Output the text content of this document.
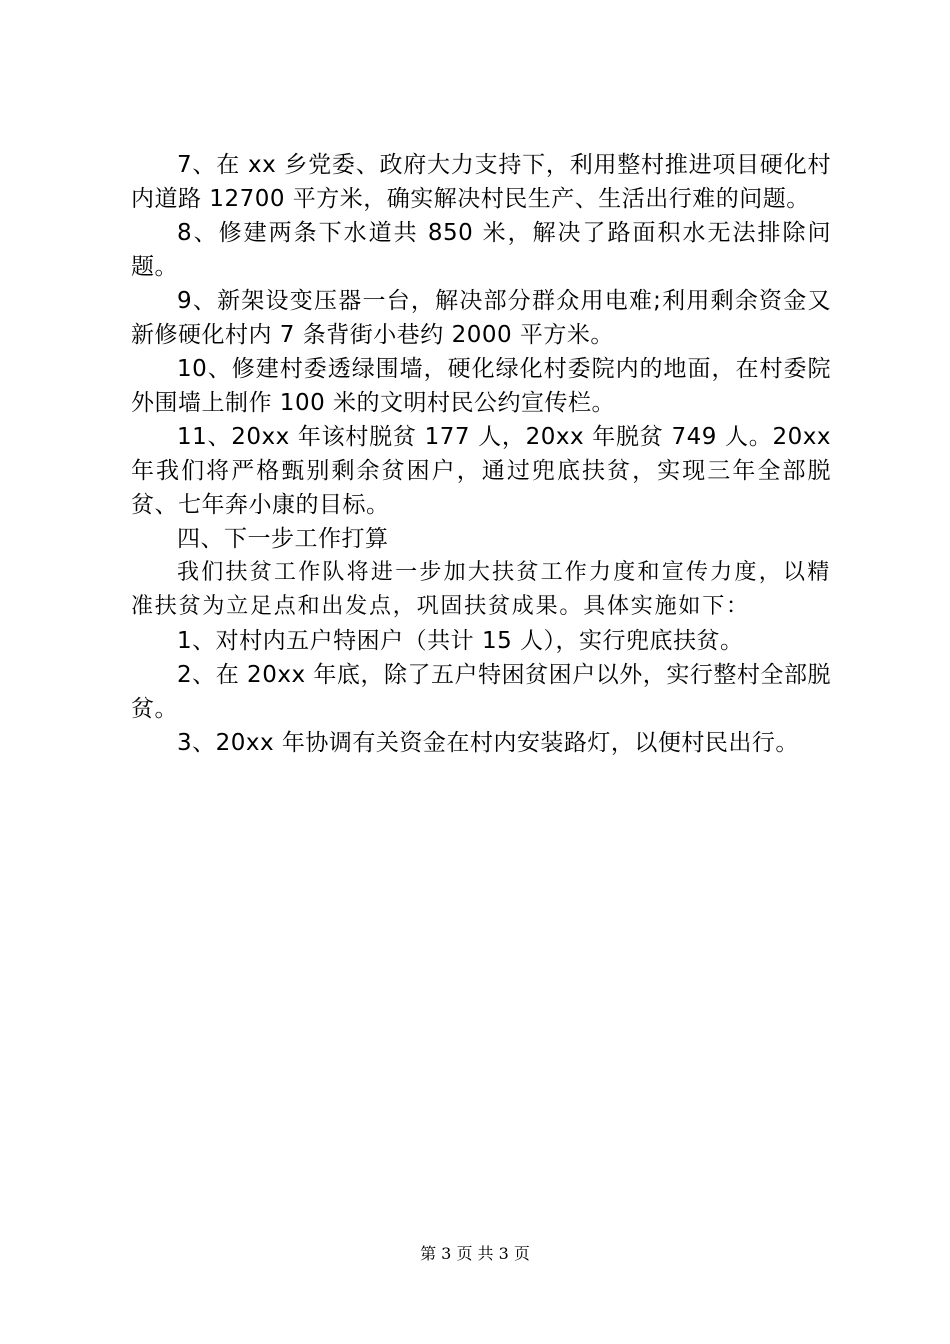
7、在 xx 乡党委、政府大力支持下，利用整村推进项目硬化村内道路 12700 平方米，确实解决村民生产、生活出行难的问题。

8、修建两条下水道共 850 米，解决了路面积水无法排除问题。

9、新架设变压器一台，解决部分群众用电难;利用剩余资金又新修硬化村内 7 条背街小巷约 2000 平方米。

10、修建村委透绿围墙，硬化绿化村委院内的地面，在村委院外围墙上制作 100 米的文明村民公约宣传栏。

11、20xx 年该村脱贫 177 人，20xx 年脱贫 749 人。20xx 年我们将严格甄别剩余贫困户，通过兜底扶贫，实现三年全部脱贫、七年奔小康的目标。

四、下一步工作打算

我们扶贫工作队将进一步加大扶贫工作力度和宣传力度，以精准扶贫为立足点和出发点，巩固扶贫成果。具体实施如下：

1、对村内五户特困户（共计 15 人），实行兜底扶贫。

2、在 20xx 年底，除了五户特困贫困户以外，实行整村全部脱贫。

3、20xx 年协调有关资金在村内安装路灯，以便村民出行。

第 3 页 共 3 页
